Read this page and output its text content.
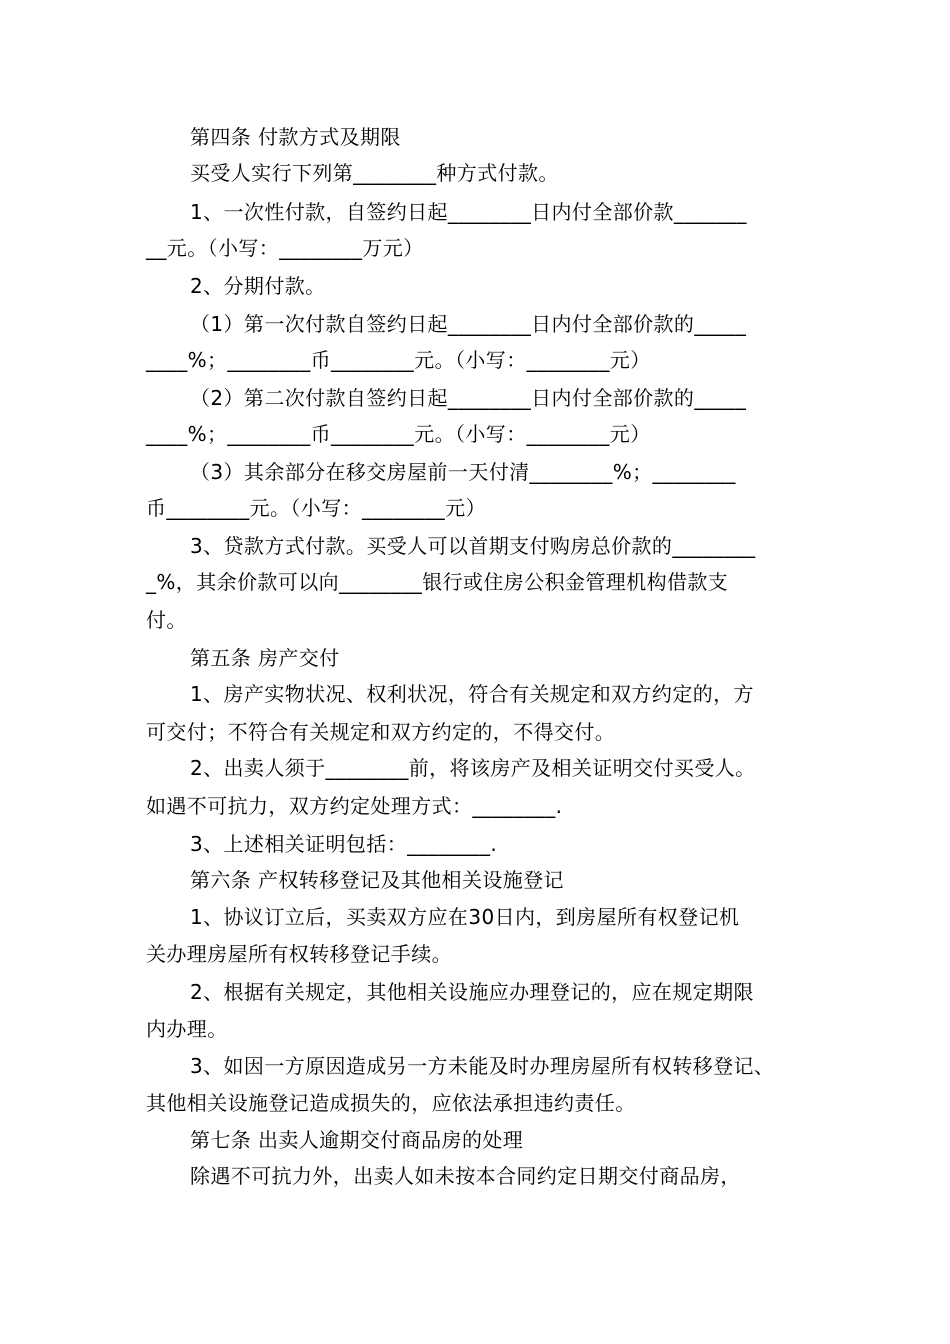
第四条 付款方式及期限
买受人实行下列第________种方式付款。
1、一次性付款，自签约日起________日内付全部价款_______
__元。（小写：________万元）
2、分期付款。
（1）第一次付款自签约日起________日内付全部价款的_____
____%；________币________元。（小写：________元）
（2）第二次付款自签约日起________日内付全部价款的_____
____%；________币________元。（小写：________元）
（3）其余部分在移交房屋前一天付清________%；________
币________元。（小写：________元）
3、贷款方式付款。买受人可以首期支付购房总价款的________
_%，其余价款可以向________银行或住房公积金管理机构借款支
付。
第五条 房产交付
1、房产实物状况、权利状况，符合有关规定和双方约定的，方
可交付；不符合有关规定和双方约定的，不得交付。
2、出卖人须于________前，将该房产及相关证明交付买受人。
如遇不可抗力，双方约定处理方式：________.
3、上述相关证明包括：________.
第六条 产权转移登记及其他相关设施登记
1、协议订立后，买卖双方应在30日内，到房屋所有权登记机
关办理房屋所有权转移登记手续。
2、根据有关规定，其他相关设施应办理登记的，应在规定期限
内办理。
3、如因一方原因造成另一方未能及时办理房屋所有权转移登记、
其他相关设施登记造成损失的，应依法承担违约责任。
第七条 出卖人逾期交付商品房的处理
除遇不可抗力外，出卖人如未按本合同约定日期交付商品房，
